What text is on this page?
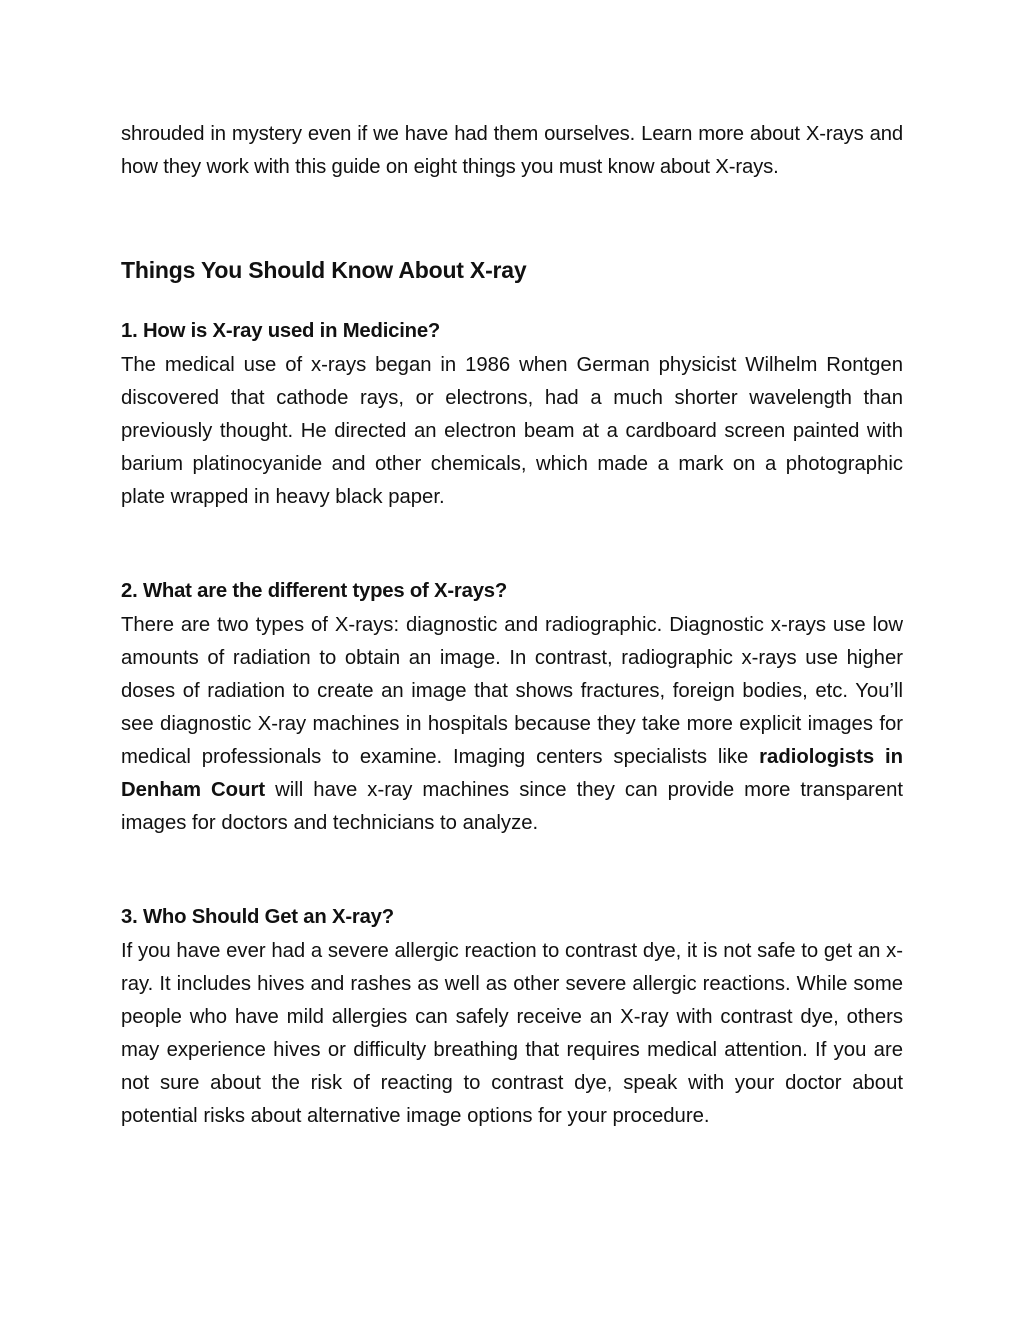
shrouded in mystery even if we have had them ourselves. Learn more about X-rays and how they work with this guide on eight things you must know about X-rays.

Things You Should Know About X-ray
1. How is X-ray used in Medicine?

The medical use of x-rays began in 1986 when German physicist Wilhelm Rontgen discovered that cathode rays, or electrons, had a much shorter wavelength than previously thought. He directed an electron beam at a cardboard screen painted with barium platinocyanide and other chemicals, which made a mark on a photographic plate wrapped in heavy black paper.

2. What are the different types of X-rays?

There are two types of X-rays: diagnostic and radiographic. Diagnostic x-rays use low amounts of radiation to obtain an image. In contrast, radiographic x-rays use higher doses of radiation to create an image that shows fractures, foreign bodies, etc. You’ll see diagnostic X-ray machines in hospitals because they take more explicit images for medical professionals to examine. Imaging centers specialists like radiologists in Denham Court will have x-ray machines since they can provide more transparent images for doctors and technicians to analyze.

3. Who Should Get an X-ray?

If you have ever had a severe allergic reaction to contrast dye, it is not safe to get an x-ray. It includes hives and rashes as well as other severe allergic reactions. While some people who have mild allergies can safely receive an X-ray with contrast dye, others may experience hives or difficulty breathing that requires medical attention. If you are not sure about the risk of reacting to contrast dye, speak with your doctor about potential risks about alternative image options for your procedure.
